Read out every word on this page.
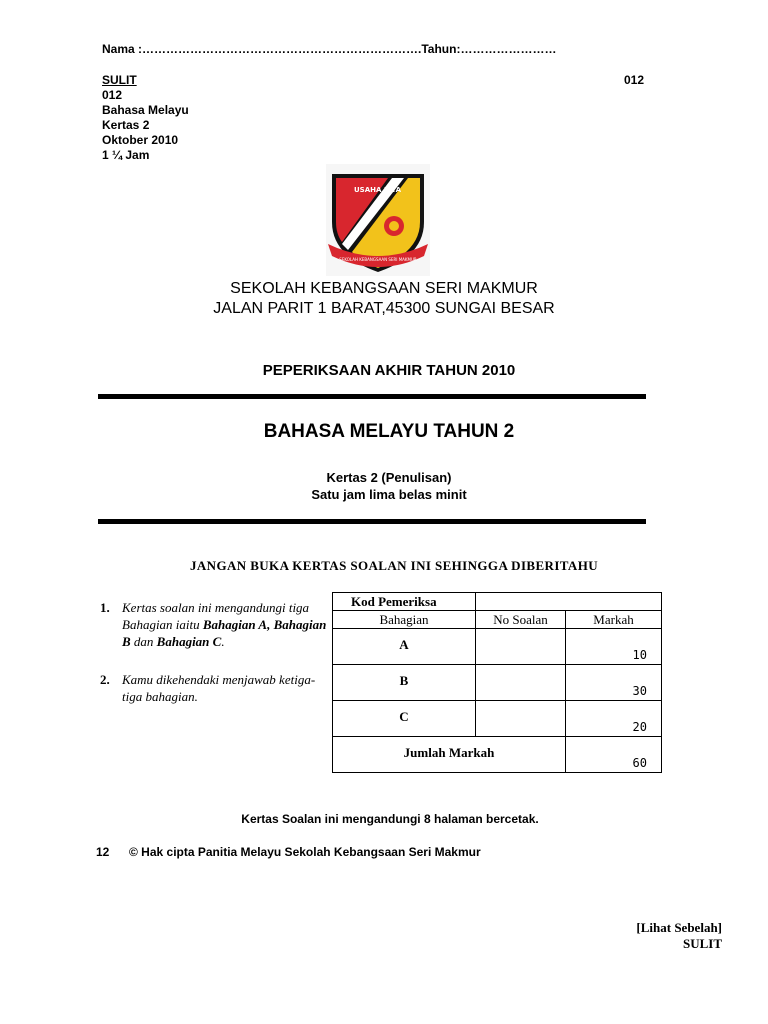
Nama :…………………………………………………………….Tahun:……………………
SULIT
012
Bahasa Melayu
Kertas 2
Oktober 2010
1 ¼ Jam
012
USAHA JAYA
SEKOLAH KEBANGSAAN SERI MAKMUR
SEKOLAH KEBANGSAAN SERI MAKMUR
JALAN PARIT 1 BARAT,45300 SUNGAI BESAR
PEPERIKSAAN AKHIR TAHUN 2010
BAHASA MELAYU TAHUN 2
Kertas 2 (Penulisan)
Satu jam lima belas minit
JANGAN BUKA KERTAS SOALAN INI SEHINGGA DIBERITAHU
1. Kertas soalan ini mengandungi tiga Bahagian iaitu Bahagian A, Bahagian B dan Bahagian C.
2. Kamu dikehendaki menjawab ketiga-tiga bahagian.
Kod Pemeriksa		
Bahagian	No Soalan	Markah

A		10

B		30

C		20

Jumlah Markah		60
Kertas Soalan ini mengandungi 8 halaman bercetak.
12 © Hak cipta Panitia Melayu Sekolah Kebangsaan Seri Makmur
[Lihat Sebelah]
SULIT
